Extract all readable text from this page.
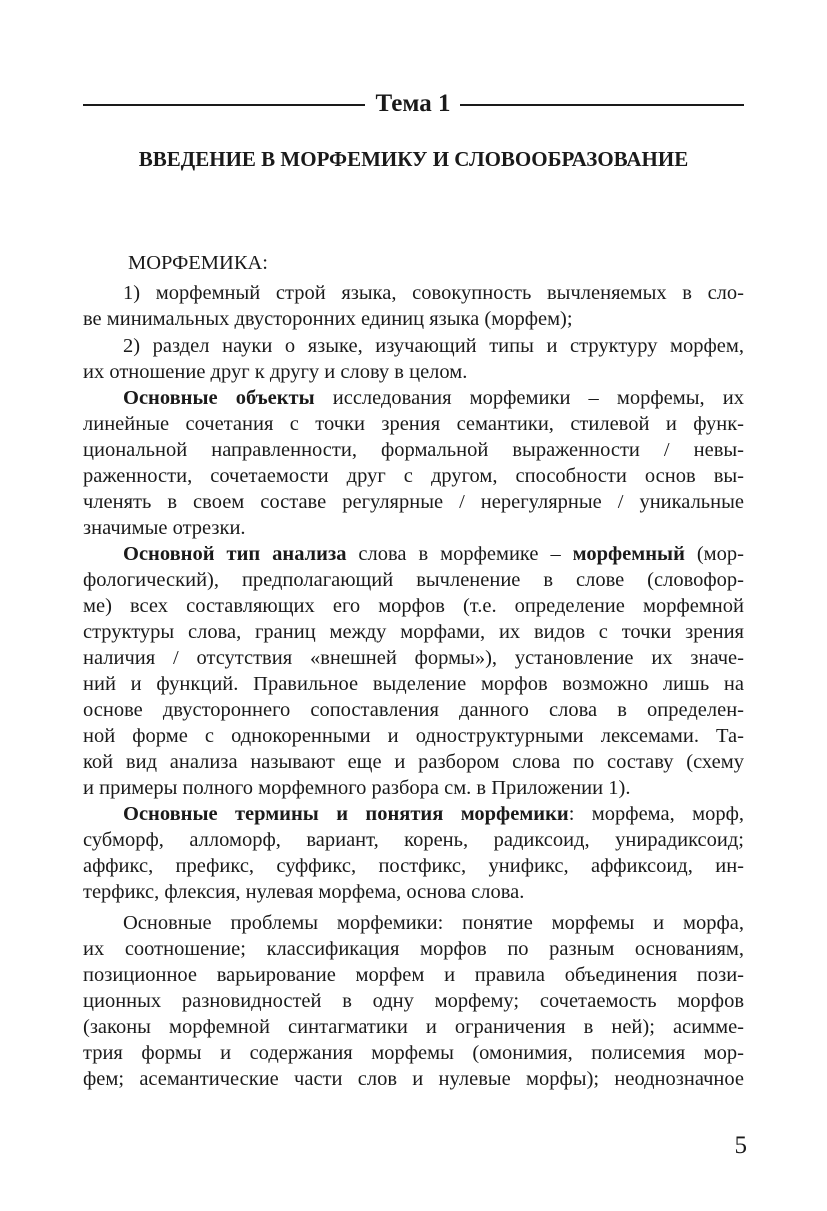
Тема 1
ВВЕДЕНИЕ В МОРФЕМИКУ И СЛОВООБРАЗОВАНИЕ
МОРФЕМИКА:
1) морфемный строй языка, совокупность вычленяемых в сло-
ве минимальных двусторонних единиц языка (морфем);
2) раздел науки о языке, изучающий типы и структуру морфем,
их отношение друг к другу и слову в целом.
Основные объекты исследования морфемики – морфемы, их
линейные сочетания с точки зрения семантики, стилевой и функ-
циональной направленности, формальной выраженности / невы-
раженности, сочетаемости друг с другом, способности основ вы-
членять в своем составе регулярные / нерегулярные / уникальные
значимые отрезки.
Основной тип анализа слова в морфемике – морфемный (мор-
фологический), предполагающий вычленение в слове (словофор-
ме) всех составляющих его морфов (т.е. определение морфемной
структуры слова, границ между морфами, их видов с точки зрения
наличия / отсутствия «внешней формы»), установление их значе-
ний и функций. Правильное выделение морфов возможно лишь на
основе двустороннего сопоставления данного слова в определен-
ной форме с однокоренными и одноструктурными лексемами. Та-
кой вид анализа называют еще и разбором слова по составу (схему
и примеры полного морфемного разбора см. в Приложении 1).
Основные термины и понятия морфемики: морфема, морф,
субморф, алломорф, вариант, корень, радиксоид, унирадиксоид;
аффикс, префикс, суффикс, постфикс, унификс, аффиксоид, ин-
терфикс, флексия, нулевая морфема, основа слова.
Основные проблемы морфемики: понятие морфемы и морфа,
их соотношение; классификация морфов по разным основаниям,
позиционное варьирование морфем и правила объединения пози-
ционных разновидностей в одну морфему; сочетаемость морфов
(законы морфемной синтагматики и ограничения в ней); асимме-
трия формы и содержания морфемы (омонимия, полисемия мор-
фем; асемантические части слов и нулевые морфы); неоднозначное
5
